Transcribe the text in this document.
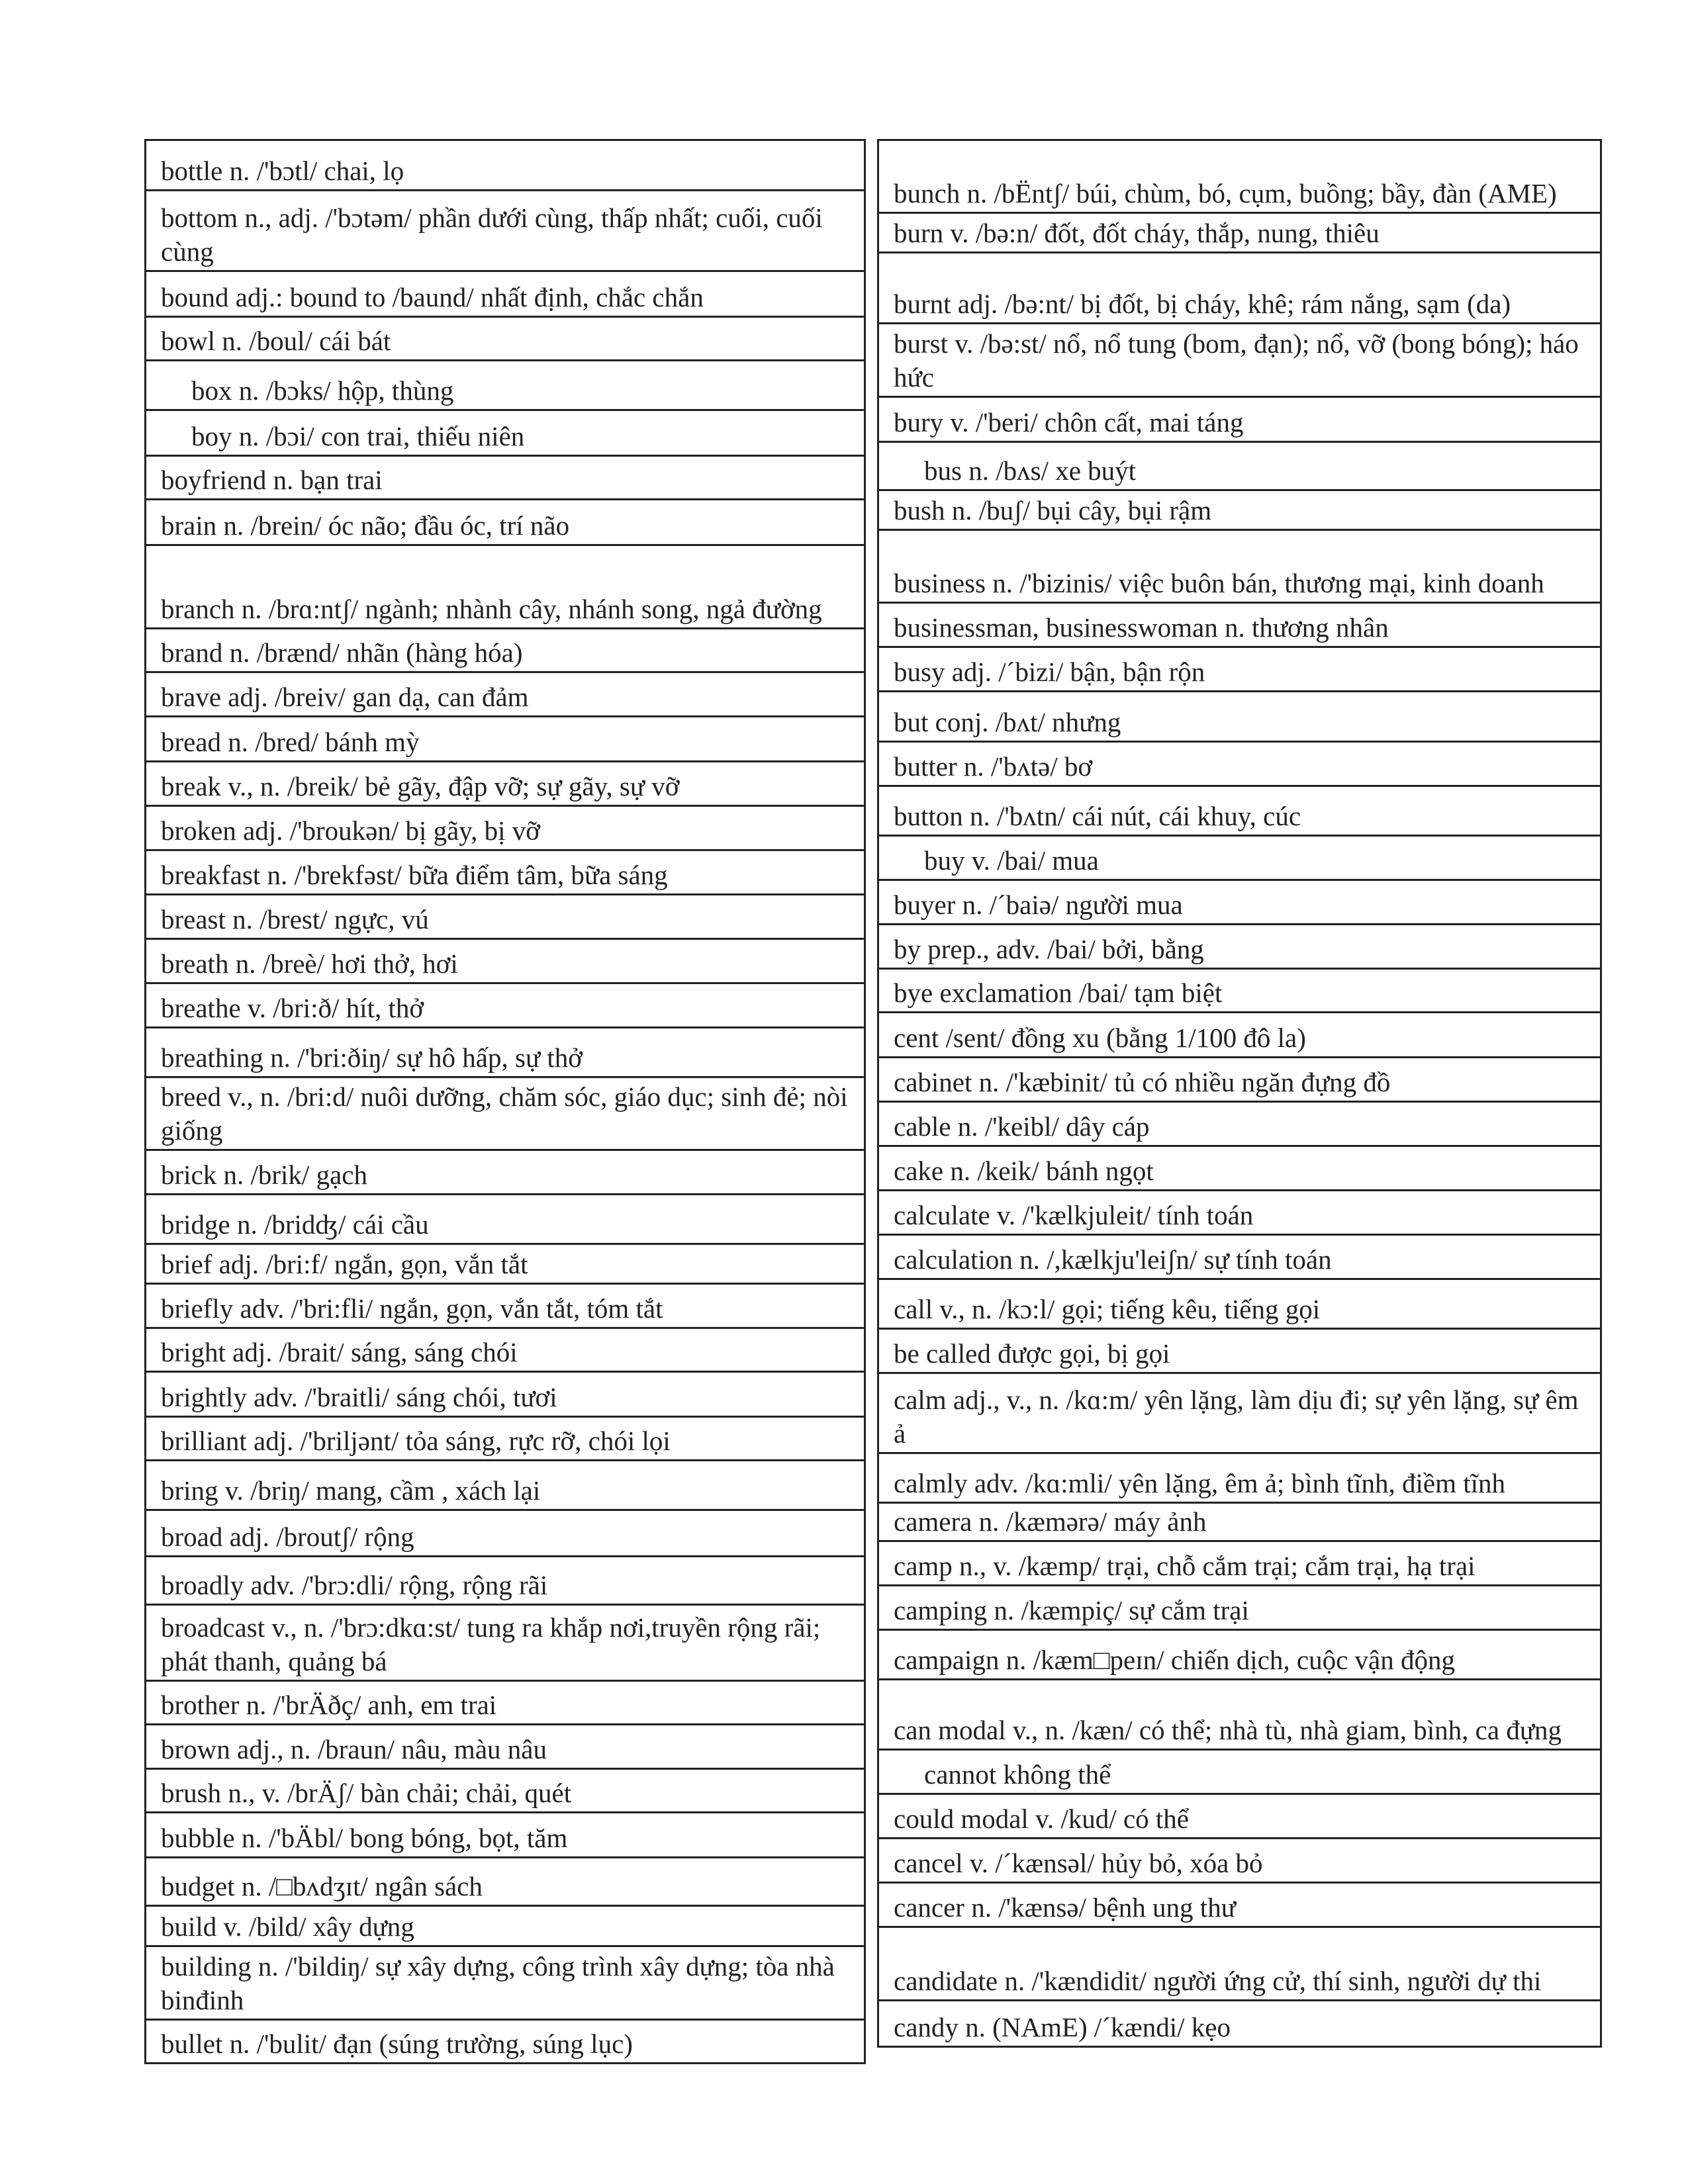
bottle n. /'bɔtl/ chai, lọ
bottom n., adj. /'bɔtəm/ phần dưới cùng, thấp nhất; cuối, cuối cùng
bound adj.: bound to /baund/ nhất định, chắc chắn
bowl n. /boul/ cái bát
box n. /bɔks/ hộp, thùng
boy n. /bɔi/ con trai, thiếu niên
boyfriend n. bạn trai
brain n. /brein/ óc não; đầu óc, trí não
branch n. /brɑ:ntʃ/ ngành; nhành cây, nhánh song, ngả đường
brand n. /brænd/ nhãn (hàng hóa)
brave adj. /breiv/ gan dạ, can đảm
bread n. /bred/ bánh mỳ
break v., n. /breik/ bẻ gãy, đập vỡ; sự gãy, sự vỡ
broken adj. /'broukən/ bị gãy, bị vỡ
breakfast n. /'brekfəst/ bữa điểm tâm, bữa sáng
breast n. /brest/ ngực, vú
breath n. /breè/ hơi thở, hơi
breathe v. /bri:ð/ hít, thở
breathing n. /'bri:ðiŋ/ sự hô hấp, sự thở
breed v., n. /bri:d/ nuôi dưỡng, chăm sóc, giáo dục; sinh đẻ; nòi giống
brick n. /brik/ gạch
bridge n. /bridʤ/ cái cầu
brief adj. /bri:f/ ngắn, gọn, vắn tắt
briefly adv. /'bri:fli/ ngắn, gọn, vắn tắt, tóm tắt
bright adj. /brait/ sáng, sáng chói
brightly adv. /'braitli/ sáng chói, tươi
brilliant adj. /'briljənt/ tỏa sáng, rực rỡ, chói lọi
bring v. /briŋ/ mang, cầm , xách lại
broad adj. /broutʃ/ rộng
broadly adv. /'brɔ:dli/ rộng, rộng rãi
broadcast v., n. /'brɔ:dkɑ:st/ tung ra khắp nơi,truyền rộng rãi; phát thanh, quảng bá
brother n. /'brÄðç/ anh, em trai
brown adj., n. /braun/ nâu, màu nâu
brush n., v. /brÄʃ/ bàn chải; chải, quét
bubble n. /'bÄbl/ bong bóng, bọt, tăm
budget n. /□bʌdʒɪt/ ngân sách
build v. /bild/ xây dựng
building n. /'bildiŋ/ sự xây dựng, công trình xây dựng; tòa nhà binđinh
bullet n. /'bulit/ đạn (súng trường, súng lục)
bunch n. /bËntʃ/ búi, chùm, bó, cụm, buồng; bầy, đàn (AME)
burn v. /bə:n/ đốt, đốt cháy, thắp, nung, thiêu
burnt adj. /bə:nt/ bị đốt, bị cháy, khê; rám nắng, sạm (da)
burst v. /bə:st/ nổ, nổ tung (bom, đạn); nổ, vỡ (bong bóng); háo hức
bury v. /'beri/ chôn cất, mai táng
bus n. /bʌs/ xe buýt
bush n. /buʃ/ bụi cây, bụi rậm
business n. /'bizinis/ việc buôn bán, thương mại, kinh doanh
businessman, businesswoman n. thương nhân
busy adj. /´bizi/ bận, bận rộn
but conj. /bʌt/ nhưng
butter n. /'bʌtə/ bơ
button n. /'bʌtn/ cái nút, cái khuy, cúc
buy v. /bai/ mua
buyer n. /´baiə/ người mua
by prep., adv. /bai/ bởi, bằng
bye exclamation /bai/ tạm biệt
cent /sent/ đồng xu (bằng 1/100 đô la)
cabinet n. /'kæbinit/ tủ có nhiều ngăn đựng đồ
cable n. /'keibl/ dây cáp
cake n. /keik/ bánh ngọt
calculate v. /'kælkjuleit/ tính toán
calculation n. /,kælkju'leiʃn/ sự tính toán
call v., n. /kɔ:l/ gọi; tiếng kêu, tiếng gọi
be called được gọi, bị gọi
calm adj., v., n. /kɑ:m/ yên lặng, làm dịu đi; sự yên lặng, sự êm ả
calmly adv. /kɑ:mli/ yên lặng, êm ả; bình tĩnh, điềm tĩnh
camera n. /kæmərə/ máy ảnh
camp n., v. /kæmp/ trại, chỗ cắm trại; cắm trại, hạ trại
camping n. /kæmpiç/ sự cắm trại
campaign n. /kæm□peɪn/ chiến dịch, cuộc vận động
can modal v., n. /kæn/ có thể; nhà tù, nhà giam, bình, ca đựng
cannot không thể
could modal v. /kud/ có thể
cancel v. /´kænsəl/ hủy bỏ, xóa bỏ
cancer n. /'kænsə/ bệnh ung thư
candidate n. /'kændidit/ người ứng cử, thí sinh, người dự thi
candy n. (NAmE) /´kændi/ kẹo
